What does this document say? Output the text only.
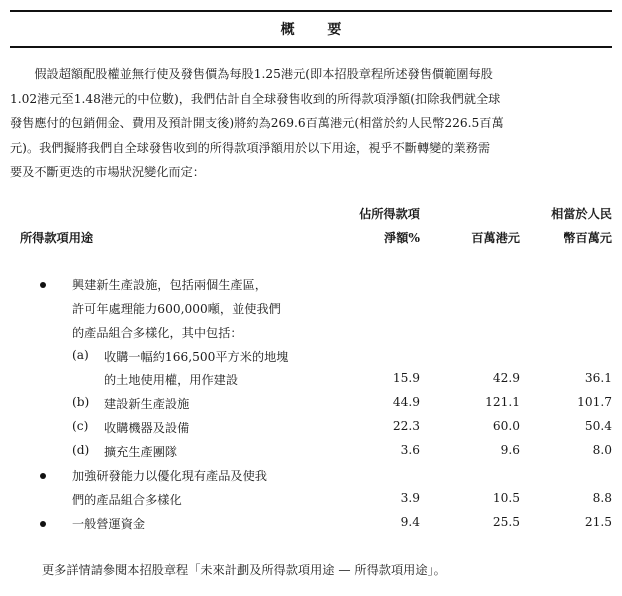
概 要
　　假設超額配股權並無行使及發售價為每股1.25港元(即本招股章程所述發售價範圍每股
1.02港元至1.48港元的中位數)，我們估計自全球發售收到的所得款項淨額(扣除我們就全球
發售應付的包銷佣金、費用及預計開支後)將約為269.6百萬港元(相當於約人民幣226.5百萬
元)。我們擬將我們自全球發售收到的所得款項淨額用於以下用途，視乎不斷轉變的業務需
要及不斷更迭的市場狀況變化而定：
佔所得款項
所得款項用途	淨額%	百萬港元
相當於人民
幣百萬元
興建新生產設施，包括兩個生產區，
許可年處理能力600,000噸，並使我們
的產品組合多樣化，其中包括：
(a) 收購一幅約166,500平方米的地塊
的土地使用權，用作建設	15.9	42.9	36.1
(b) 建設新生產設施	44.9	121.1	101.7
(c) 收購機器及設備	22.3	60.0	50.4
(d) 擴充生產團隊	3.6	9.6	8.0
加強研發能力以優化現有產品及使我
們的產品組合多樣化	3.9	10.5	8.8
一般營運資金	9.4	25.5	21.5
更多詳情請參閱本招股章程「未來計劃及所得款項用途 — 所得款項用途」。
